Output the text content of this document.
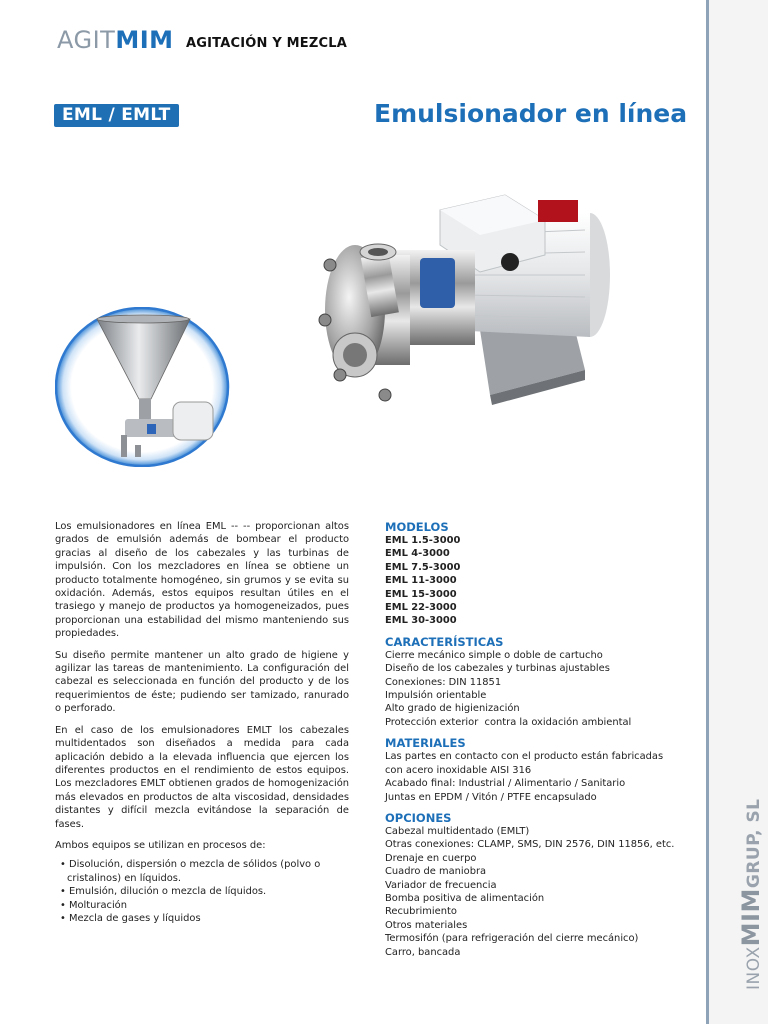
INOXMIMGRUP, SL
AGITMIM AGITACIÓN Y MEZCLA
EML / EMLT	Emulsionador en línea

Los emulsionadores en línea EML -- -- proporcionan altos grados de emulsión además de bombear el producto gracias al diseño de los cabezales y las turbinas de impulsión. Con los mezcladores en línea se obtiene un producto totalmente homogéneo, sin grumos y se evita su oxidación. Además, estos equipos resultan útiles en el trasiego y manejo de productos ya homogeneizados, pues proporcionan una estabilidad del mismo manteniendo sus propiedades.

Su diseño permite mantener un alto grado de higiene y agilizar las tareas de mantenimiento. La configuración del cabezal es seleccionada en función del producto y de los requerimientos de éste; pudiendo ser tamizado, ranurado o perforado.

En el caso de los emulsionadores EMLT los cabezales multidentados son diseñados a medida para cada aplicación debido a la elevada influencia que ejercen los diferentes productos en el rendimiento de estos equipos. Los mezcladores EMLT obtienen grados de homogenización más elevados en productos de alta viscosidad, densidades distantes y difícil mezcla evitándose la separación de fases.

Ambos equipos se utilizan en procesos de:

• Disolución, dispersión o mezcla de sólidos (polvo o cristalinos) en líquidos.
• Emulsión, dilución o mezcla de líquidos.
• Molturación
• Mezcla de gases y líquidos
MODELOS
EML 1.5-3000
EML 4-3000
EML 7.5-3000
EML 11-3000
EML 15-3000
EML 22-3000
EML 30-3000
CARACTERÍSTICAS
Cierre mecánico simple o doble de cartucho
Diseño de los cabezales y turbinas ajustables
Conexiones: DIN 11851
Impulsión orientable
Alto grado de higienización
Protección exterior  contra la oxidación ambiental
MATERIALES
Las partes en contacto con el producto están fabricadas con acero inoxidable AISI 316
Acabado final: Industrial / Alimentario / Sanitario
Juntas en EPDM / Vitón / PTFE encapsulado
OPCIONES
Cabezal multidentado (EMLT)
Otras conexiones: CLAMP, SMS, DIN 2576, DIN 11856, etc.
Drenaje en cuerpo
Cuadro de maniobra
Variador de frecuencia
Bomba positiva de alimentación
Recubrimiento
Otros materiales
Termosifón (para refrigeración del cierre mecánico)
Carro, bancada
